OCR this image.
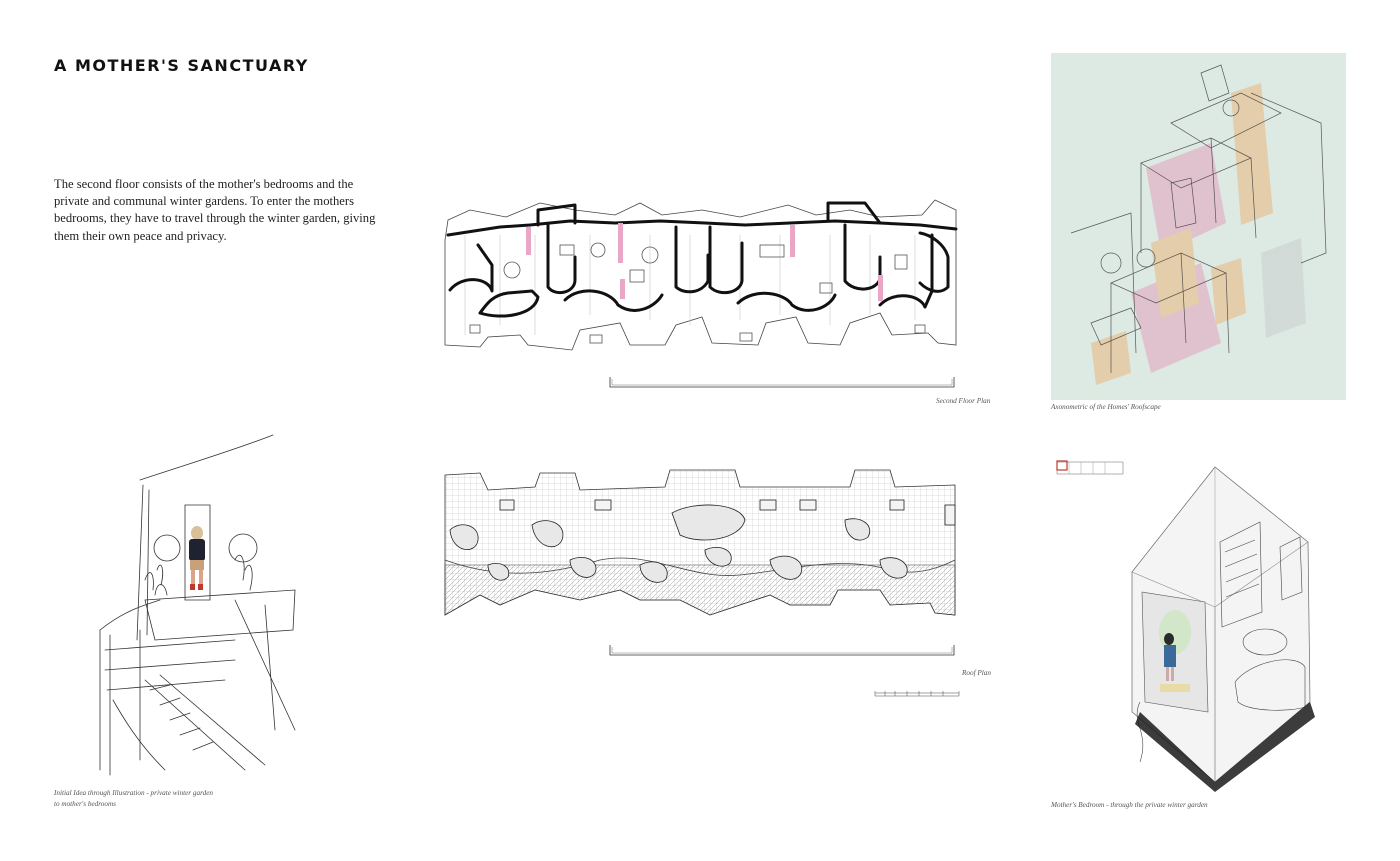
A MOTHER'S SANCTUARY

The second floor consists of the mother's bedrooms and the private and communal winter gardens. To enter the mothers bedrooms, they have to travel through the winter garden, giving them their own peace and privacy.

Second Floor Plan
Axonometric of the Homes' Roofscape
Roof Plan
Initial Idea through Illustration - private winter garden
to mother's bedrooms	Mother's Bedroom - through the private winter garden
